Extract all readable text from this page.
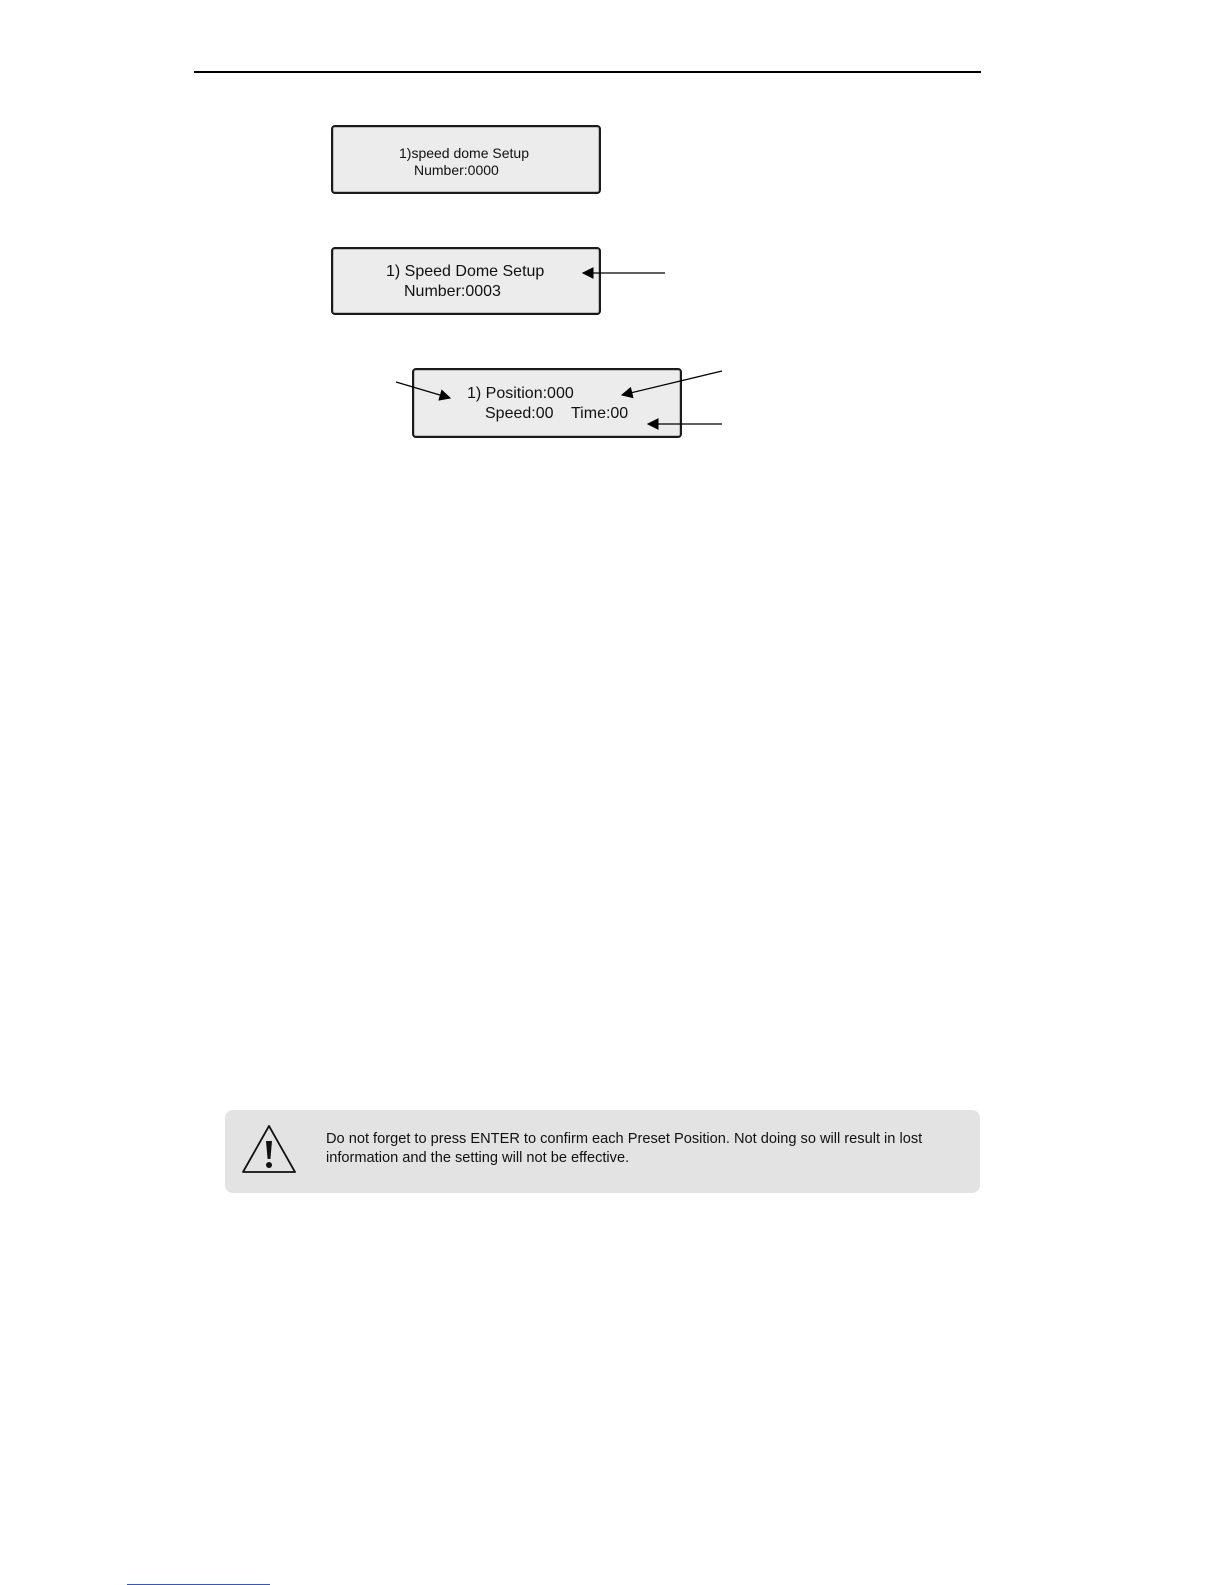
1)speed dome Setup
Number:0000
1) Speed Dome Setup
Number:0003
1) Position:000
Speed:00    Time:00
Do not forget to press ENTER to confirm each Preset Position. Not doing so will result in lost information and the setting will not be effective.
